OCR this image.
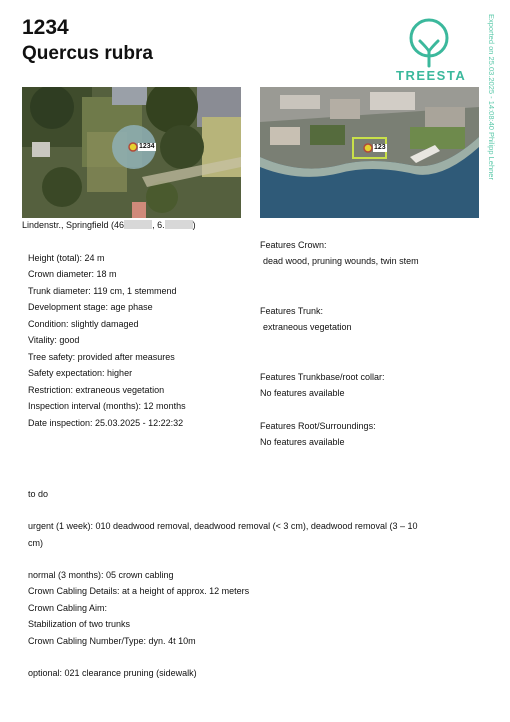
1234
Quercus rubra
TREESTA	Exported on 25.03.2025 - 14:08:40 Philipp Lehner
1234	123
Lindenstr., Springfield (46	, 6.	)
Height (total): 24 m
Crown diameter: 18 m
Trunk diameter: 119 cm, 1 stemmend
Development stage: age phase
Condition: slightly damaged
Vitality: good
Tree safety: provided after measures
Safety expectation: higher
Restriction: extraneous vegetation
Inspection interval (months): 12 months
Date inspection: 25.03.2025 - 12:22:32
Features Crown:
dead wood, pruning wounds, twin stem
Features Trunk:
extraneous vegetation
Features Trunkbase/root collar:
No features available
Features Root/Surroundings:
No features available
to do
urgent (1 week): 010 deadwood removal, deadwood removal (< 3 cm), deadwood removal (3 – 10
cm)
normal (3 months): 05 crown cabling
Crown Cabling Details: at a height of approx. 12 meters
Crown Cabling Aim:
Stabilization of two trunks
Crown Cabling Number/Type: dyn. 4t 10m
optional: 021 clearance pruning (sidewalk)
